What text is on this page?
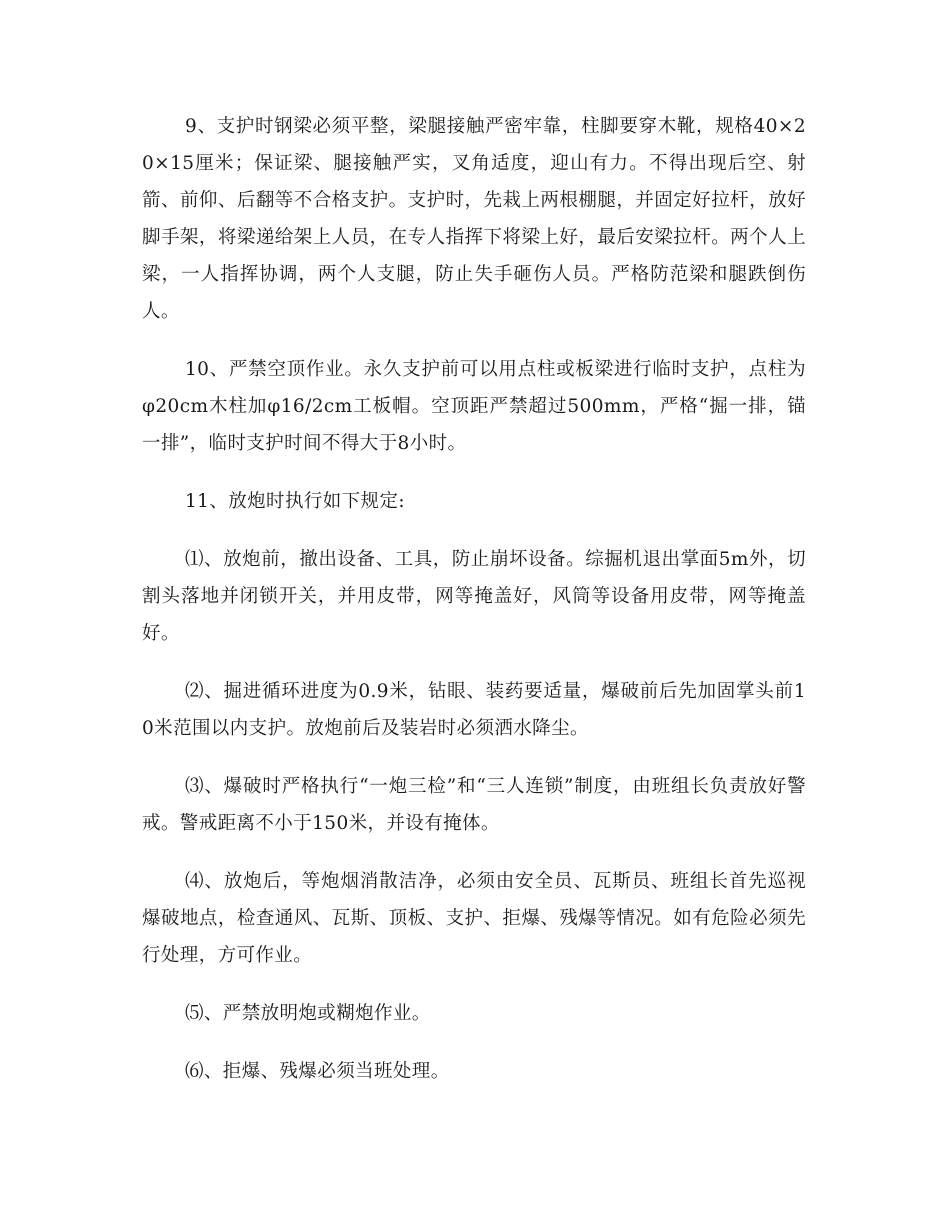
9、支护时钢梁必须平整，梁腿接触严密牢靠，柱脚要穿木靴，规格40×20×15厘米；保证梁、腿接触严实，叉角适度，迎山有力。不得出现后空、射箭、前仰、后翻等不合格支护。支护时，先栽上两根棚腿，并固定好拉杆，放好脚手架，将梁递给架上人员，在专人指挥下将梁上好，最后安梁拉杆。两个人上梁，一人指挥协调，两个人支腿，防止失手砸伤人员。严格防范梁和腿跌倒伤人。

10、严禁空顶作业。永久支护前可以用点柱或板梁进行临时支护，点柱为φ20cm木柱加φ16/2cm工板帽。空顶距严禁超过500mm，严格“掘一排，锚一排”，临时支护时间不得大于8小时。

11、放炮时执行如下规定:

⑴、放炮前，撤出设备、工具，防止崩坏设备。综掘机退出掌面5m外，切割头落地并闭锁开关，并用皮带，网等掩盖好，风筒等设备用皮带，网等掩盖好。

⑵、掘进循环进度为0.9米，钻眼、装药要适量，爆破前后先加固掌头前10米范围以内支护。放炮前后及装岩时必须洒水降尘。

⑶、爆破时严格执行“一炮三检”和“三人连锁”制度，由班组长负责放好警戒。警戒距离不小于150米，并设有掩体。

⑷、放炮后，等炮烟消散洁净，必须由安全员、瓦斯员、班组长首先巡视爆破地点，检查通风、瓦斯、顶板、支护、拒爆、残爆等情况。如有危险必须先行处理，方可作业。

⑸、严禁放明炮或糊炮作业。

⑹、拒爆、残爆必须当班处理。
